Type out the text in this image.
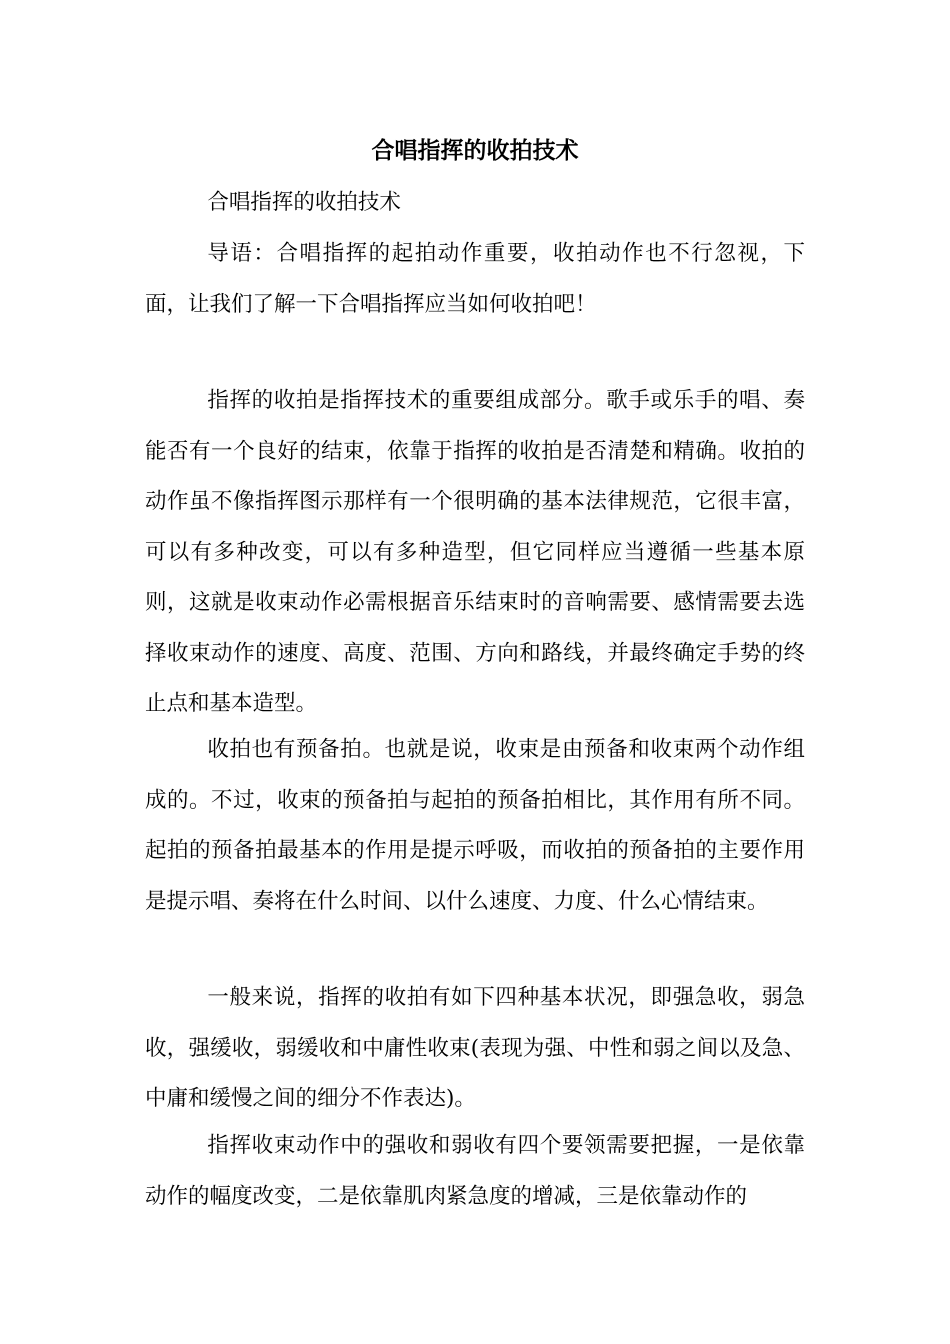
合唱指挥的收拍技术

合唱指挥的收拍技术

导语：合唱指挥的起拍动作重要，收拍动作也不行忽视，下面，让我们了解一下合唱指挥应当如何收拍吧！

指挥的收拍是指挥技术的重要组成部分。歌手或乐手的唱、奏能否有一个良好的结束，依靠于指挥的收拍是否清楚和精确。收拍的动作虽不像指挥图示那样有一个很明确的基本法律规范，它很丰富，可以有多种改变，可以有多种造型，但它同样应当遵循一些基本原则，这就是收束动作必需根据音乐结束时的音响需要、感情需要去选择收束动作的速度、高度、范围、方向和路线，并最终确定手势的终止点和基本造型。

收拍也有预备拍。也就是说，收束是由预备和收束两个动作组成的。不过，收束的预备拍与起拍的预备拍相比，其作用有所不同。起拍的预备拍最基本的作用是提示呼吸，而收拍的预备拍的主要作用是提示唱、奏将在什么时间、以什么速度、力度、什么心情结束。

一般来说，指挥的收拍有如下四种基本状况，即强急收，弱急收，强缓收，弱缓收和中庸性收束(表现为强、中性和弱之间以及急、中庸和缓慢之间的细分不作表达)。

指挥收束动作中的强收和弱收有四个要领需要把握，一是依靠动作的幅度改变，二是依靠肌肉紧急度的增减，三是依靠动作的
